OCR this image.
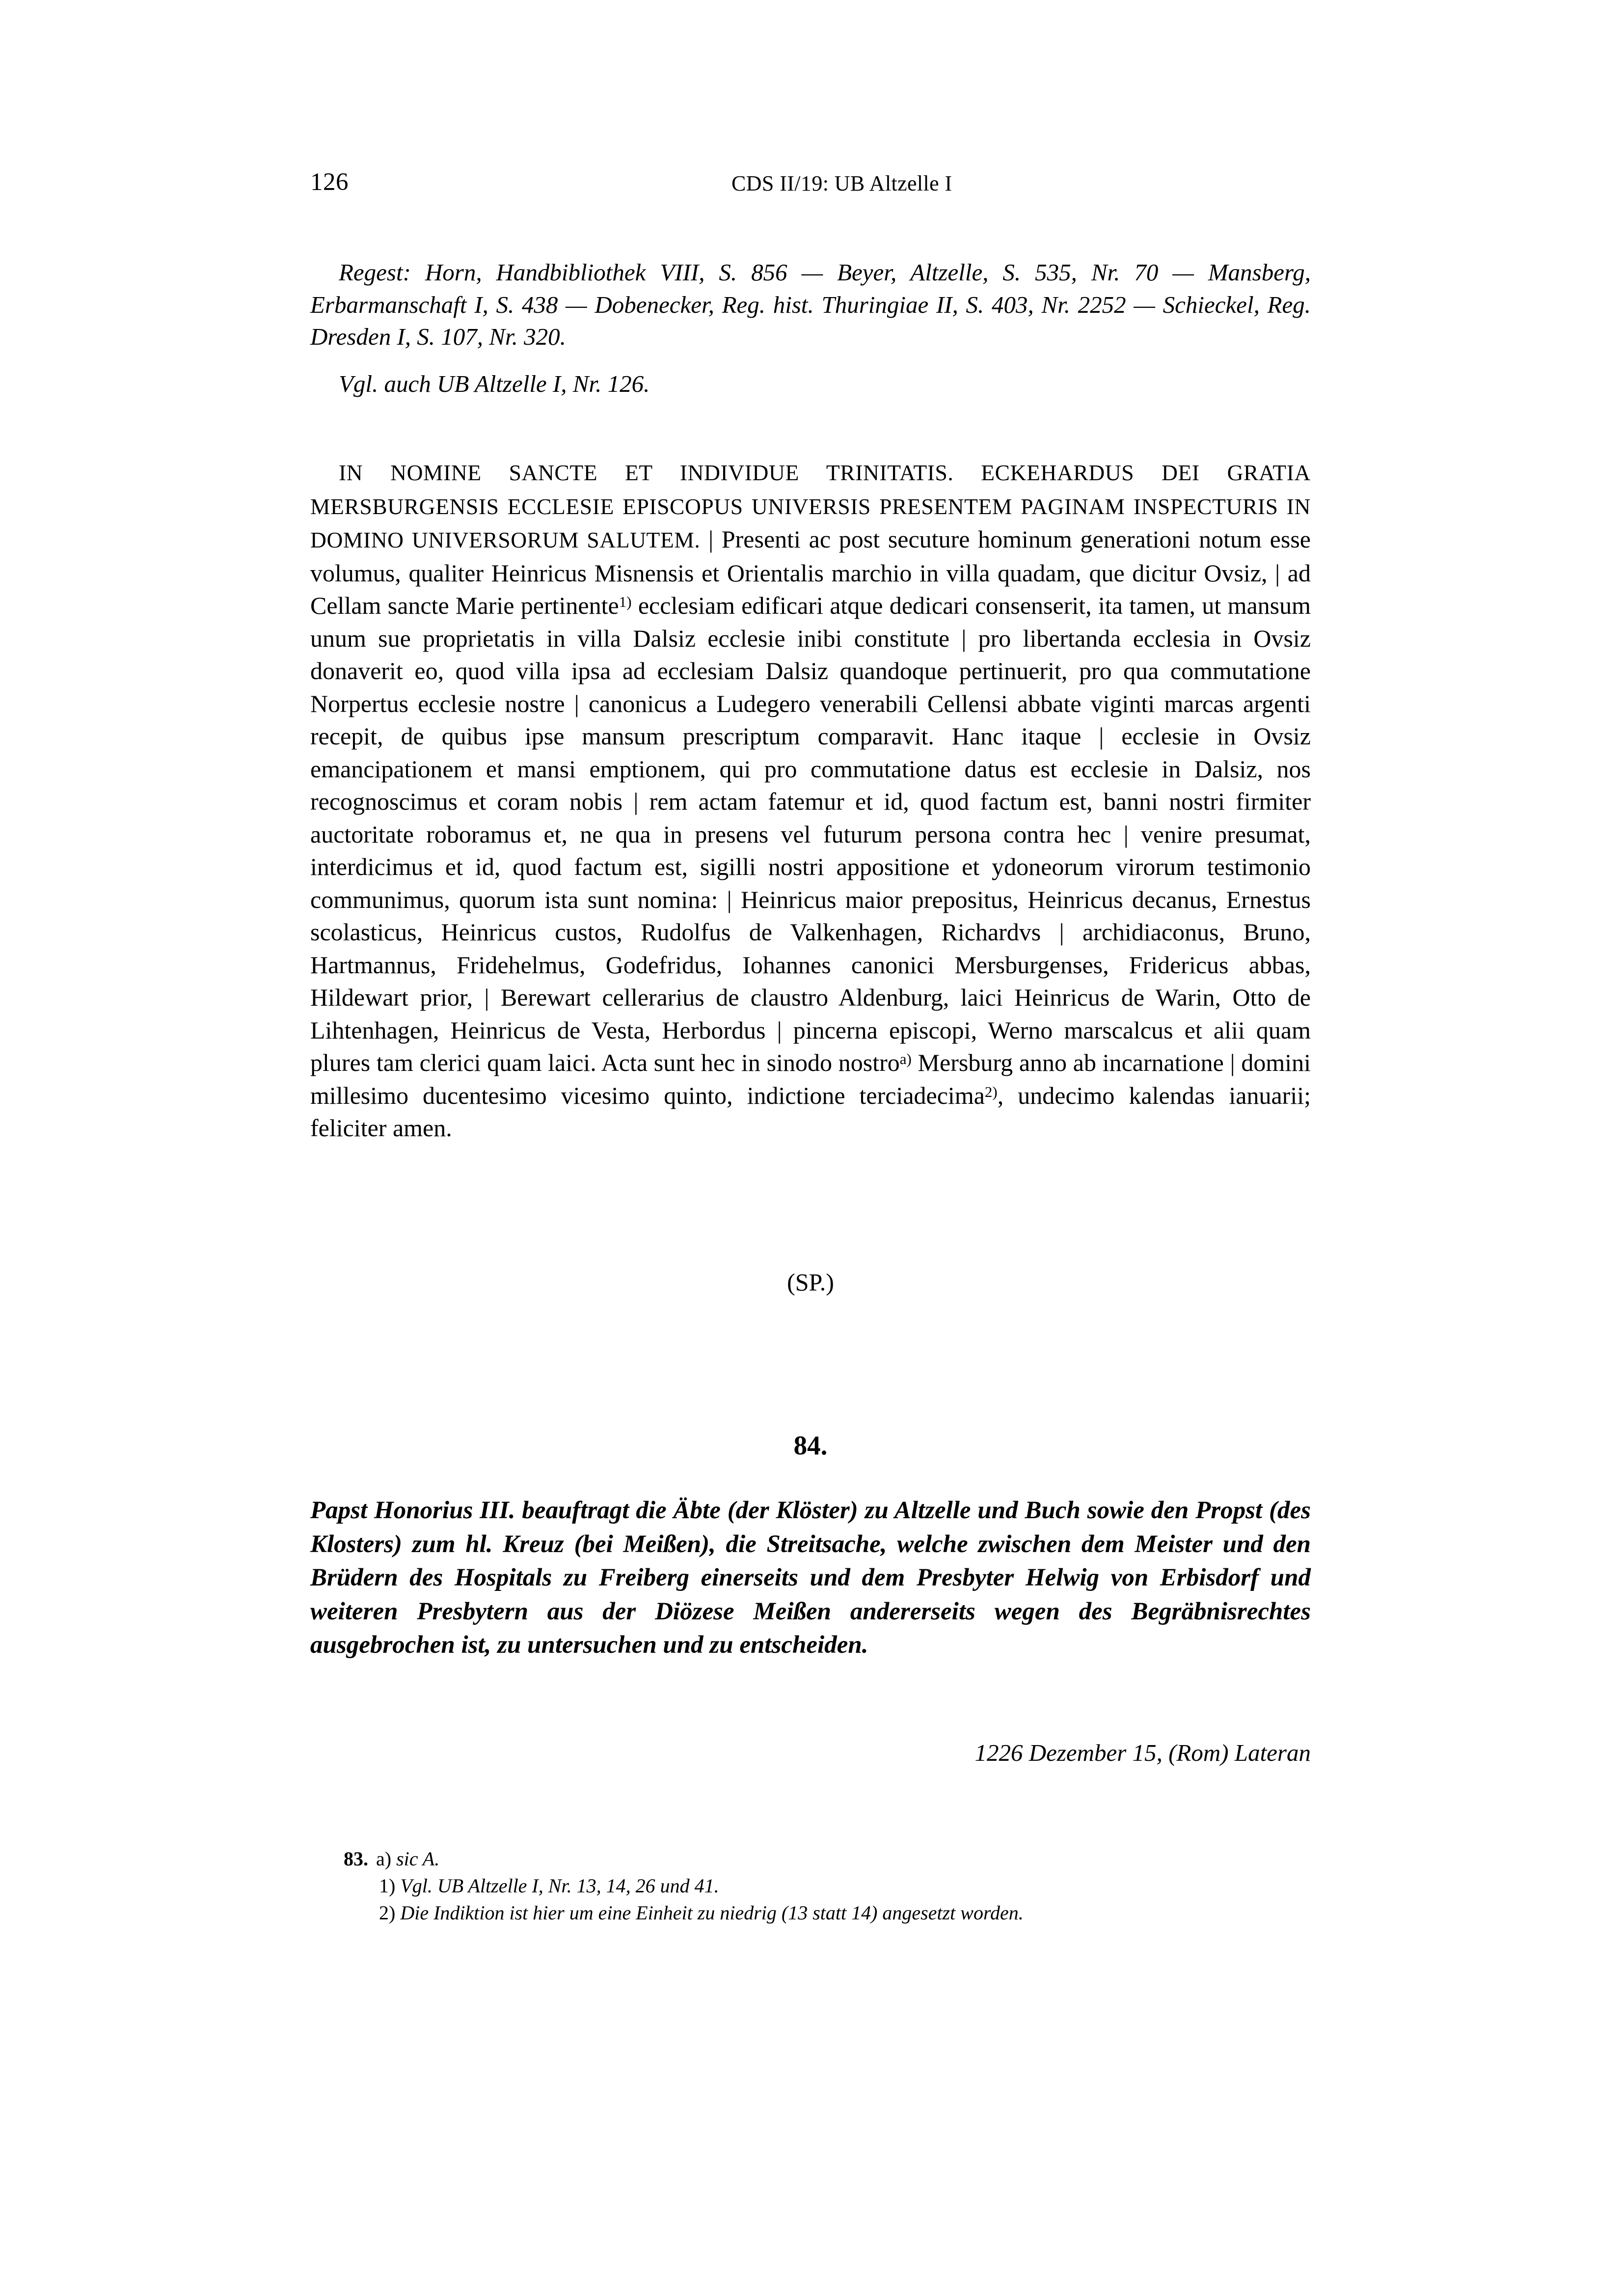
126	CDS II/19: UB Altzelle I

Regest: Horn, Handbibliothek VIII, S. 856 — Beyer, Altzelle, S. 535, Nr. 70 — Mansberg, Erbarmanschaft I, S. 438 — Dobenecker, Reg. hist. Thuringiae II, S. 403, Nr. 2252 — Schieckel, Reg. Dresden I, S. 107, Nr. 320.

Vgl. auch UB Altzelle I, Nr. 126.

IN NOMINE SANCTE ET INDIVIDUE TRINITATIS. ECKEHARDUS DEI GRATIA MERSBURGENSIS ECCLESIE EPISCOPUS UNIVERSIS PRESENTEM PAGINAM INSPECTURIS IN DOMINO UNIVERSORUM SALUTEM. | Presenti ac post secuture hominum generationi notum esse volumus, qualiter Heinricus Misnensis et Orientalis marchio in villa quadam, que dicitur Ovsiz, | ad Cellam sancte Marie pertinente$^{1)}$ ecclesiam edificari atque dedicari consenserit, ita tamen, ut mansum unum sue proprietatis in villa Dalsiz ecclesie inibi constitute | pro libertanda ecclesia in Ovsiz donaverit eo, quod villa ipsa ad ecclesiam Dalsiz quandoque pertinuerit, pro qua commutatione Norpertus ecclesie nostre | canonicus a Ludegero venerabili Cellensi abbate viginti marcas argenti recepit, de quibus ipse mansum prescriptum comparavit. Hanc itaque | ecclesie in Ovsiz emancipationem et mansi emptionem, qui pro commutatione datus est ecclesie in Dalsiz, nos recognoscimus et coram nobis | rem actam fatemur et id, quod factum est, banni nostri firmiter auctoritate roboramus et, ne qua in presens vel futurum persona contra hec | venire presumat, interdicimus et id, quod factum est, sigilli nostri appositione et ydoneorum virorum testimonio communimus, quorum ista sunt nomina: | Heinricus maior prepositus, Heinricus decanus, Ernestus scolasticus, Heinricus custos, Rudolfus de Valkenhagen, Richardvs | archidiaconus, Bruno, Hartmannus, Fridehelmus, Godefridus, Iohannes canonici Mersburgenses, Fridericus abbas, Hildewart prior, | Berewart cellerarius de claustro Aldenburg, laici Heinricus de Warin, Otto de Lihtenhagen, Heinricus de Vesta, Herbordus | pincerna episcopi, Werno marscalcus et alii quam plures tam clerici quam laici. Acta sunt hec in sinodo nostro$^{a)}$ Mersburg anno ab incarnatione | domini millesimo ducentesimo vicesimo quinto, indictione terciadecima$^{2)}$, undecimo kalendas ianuarii; feliciter amen.

(SP.)
84.

Papst Honorius III. beauftragt die Äbte (der Klöster) zu Altzelle und Buch sowie den Propst (des Klosters) zum hl. Kreuz (bei Meißen), die Streitsache, welche zwischen dem Meister und den Brüdern des Hospitals zu Freiberg einerseits und dem Presbyter Helwig von Erbisdorf und weiteren Presbytern aus der Diözese Meißen andererseits wegen des Begräbnisrechtes ausgebrochen ist, zu untersuchen und zu entscheiden.

1226 Dezember 15, (Rom) Lateran
83. a) sic A.
1) Vgl. UB Altzelle I, Nr. 13, 14, 26 und 41.
2) Die Indiktion ist hier um eine Einheit zu niedrig (13 statt 14) angesetzt worden.
